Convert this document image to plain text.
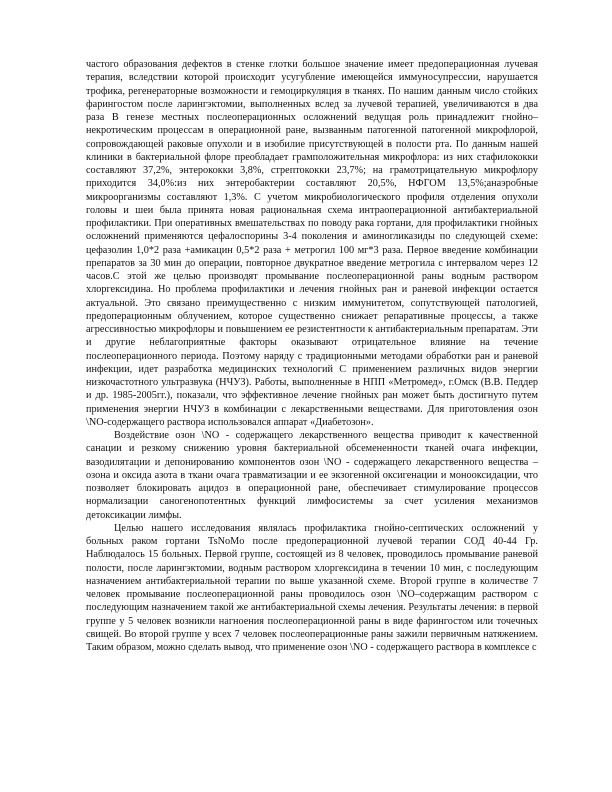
частого образования дефектов в стенке глотки большое значение имеет предоперационная лучевая терапия, вследствии которой происходит усугубление имеющейся иммуносупрессии, нарушается трофика, регенераторные возможности и гемоциркуляция в тканях. По нашим данным число стойких фарингостом после ларингэктомии, выполненных вслед за лучевой терапией, увеличиваются в два раза В генезе местных послеоперационных осложнений ведущая роль принадлежит гнойно–некротическим процессам в операционной ране, вызванным патогенной патогенной микрофлорой, сопровождающей раковые опухоли и в изобилие присутствующей в полости рта. По данным нашей клиники в бактериальной флоре преобладает грамположительная микрофлора: из них стафилококки составляют 37,2%, энтерококки 3,8%, стрептококки 23,7%; на грамотрицательную микрофлору приходится 34,0%:из них энтеробактерии составляют 20,5%, НФГОМ 13,5%;анаэробные микроорганизмы составляют 1,3%. С учетом микробиологического профиля отделения опухоли головы и шеи была принята новая рациональная схема интраоперационной антибактериальной профилактики. При оперативных вмешательствах по поводу рака гортани, для профилактики гнойных осложнений применяются цефалоспорины 3-4 поколения и аминогликазиды по следующей схеме: цефазолин 1,0*2 раза +амикацин 0,5*2 раза + метрогил 100 мг*3 раза. Первое введение комбинации препаратов за 30 мин до операции, повторное двукратное введение метрогила с интервалом через 12 часов.С этой же целью производят промывание послеоперационной раны водным раствором хлоргексидина. Но проблема профилактики и лечения гнойных ран и раневой инфекции остается актуальной. Это связано преимущественно с низким иммунитетом, сопутствующей патологией, предоперационным облучением, которое существенно снижает репаративные процессы, а также агрессивностью микрофлоры и повышением ее резистентности к антибактериальным препаратам. Эти и другие неблагоприятные факторы оказывают отрицательное влияние на течение послеоперационного периода. Поэтому наряду с традиционными методами обработки ран и раневой инфекции, идет разработка медицинских технологий С применением различных видов энергии низкочастотного ультразвука (НЧУЗ). Работы, выполненные в НПП «Метромед», г.Омск (В.В. Педдер и др. 1985-2005гг.), показали, что эффективное лечение гнойных ран может быть достигнуто путем применения энергии НЧУЗ в комбинации с лекарственными веществами. Для приготовления озон \NO-содержащего раствора использовался аппарат «Диабетозон».

Воздействие озон \NO - содержащего лекарственного вещества приводит к качественной санации и резкому снижению уровня бактериальной обсемененности тканей очага инфекции, вазодилятации и депонированию компонентов озон \NO - содержащего лекарственного вещества – озона и оксида азота в ткани очага травматизации и ее экзогенной оксигенации и монооксидации, что позволяет блокировать ацидоз в операционной ране, обеспечивает стимулирование процессов нормализации саногенопотентных функций лимфосистемы за счет усиления механизмов детоксикации лимфы.

Целью нашего исследования являлась профилактика гнойно-септических осложнений у больных раком гортани TsNoMo после предоперационной лучевой терапии СОД 40-44 Гр. Наблюдалось 15 больных. Первой группе, состоящей из 8 человек, проводилось промывание раневой полости, после ларингэктомии, водным раствором хлоргексидина в течении 10 мин, с последующим назначением антибактериальной терапии по выше указанной схеме. Второй группе в количестве 7 человек промывание послеоперационной раны проводилось озон \NO–содержащим раствором с последующим назначением такой же антибактериальной схемы лечения. Результаты лечения: в первой группе у 5 человек возникли нагноения послеоперационной раны в виде фарингостом или точечных свищей. Во второй группе у всех 7 человек послеоперационные раны зажили первичным натяжением. Таким образом, можно сделать вывод, что применение озон \NO - содержащего раствора в комплексе с
